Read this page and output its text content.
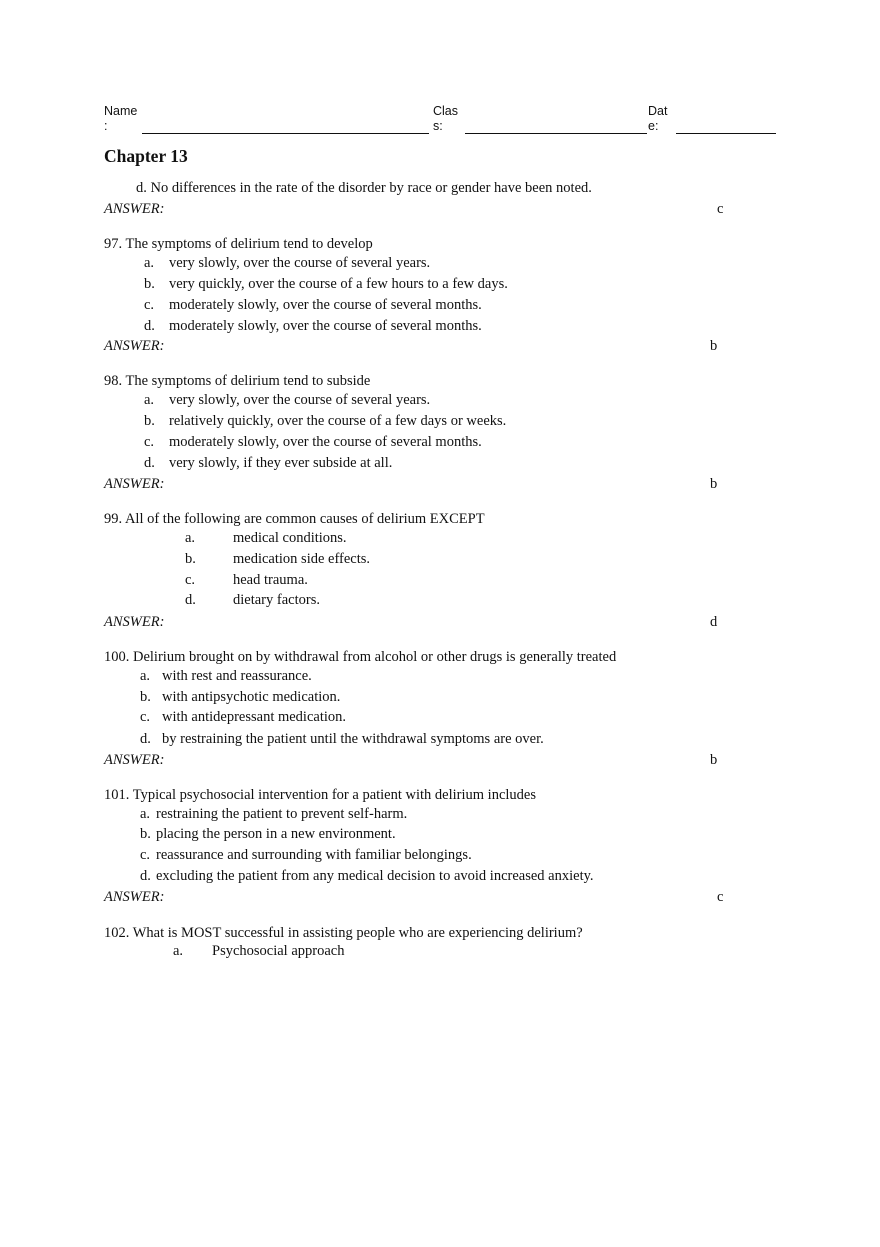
Name
:
Clas
s:
Dat
e:
Chapter 13
d. No differences in the rate of the disorder by race or gender have been noted.
ANSWER:	c
97. The symptoms of delirium tend to develop
a. very slowly, over the course of several years.
b. very quickly, over the course of a few hours to a few days.
c. moderately slowly, over the course of several months.
d. moderately slowly, over the course of several months.
ANSWER:	b
98. The symptoms of delirium tend to subside
a. very slowly, over the course of several years.
b. relatively quickly, over the course of a few days or weeks.
c. moderately slowly, over the course of several months.
d. very slowly, if they ever subside at all.
ANSWER:	b
99. All of the following are common causes of delirium EXCEPT
a.	medical conditions.
b.	medication side effects.
c.	head trauma.
d.	dietary factors.
ANSWER:	d
100. Delirium brought on by withdrawal from alcohol or other drugs is generally treated
a. with rest and reassurance.
b. with antipsychotic medication.
c. with antidepressant medication.
d. by restraining the patient until the withdrawal symptoms are over.
ANSWER:	b
101. Typical psychosocial intervention for a patient with delirium includes
a. restraining the patient to prevent self-harm.
b. placing the person in a new environment.
c. reassurance and surrounding with familiar belongings.
d. excluding the patient from any medical decision to avoid increased anxiety.
ANSWER:	c
102. What is MOST successful in assisting people who are experiencing delirium?
a. Psychosocial approach
